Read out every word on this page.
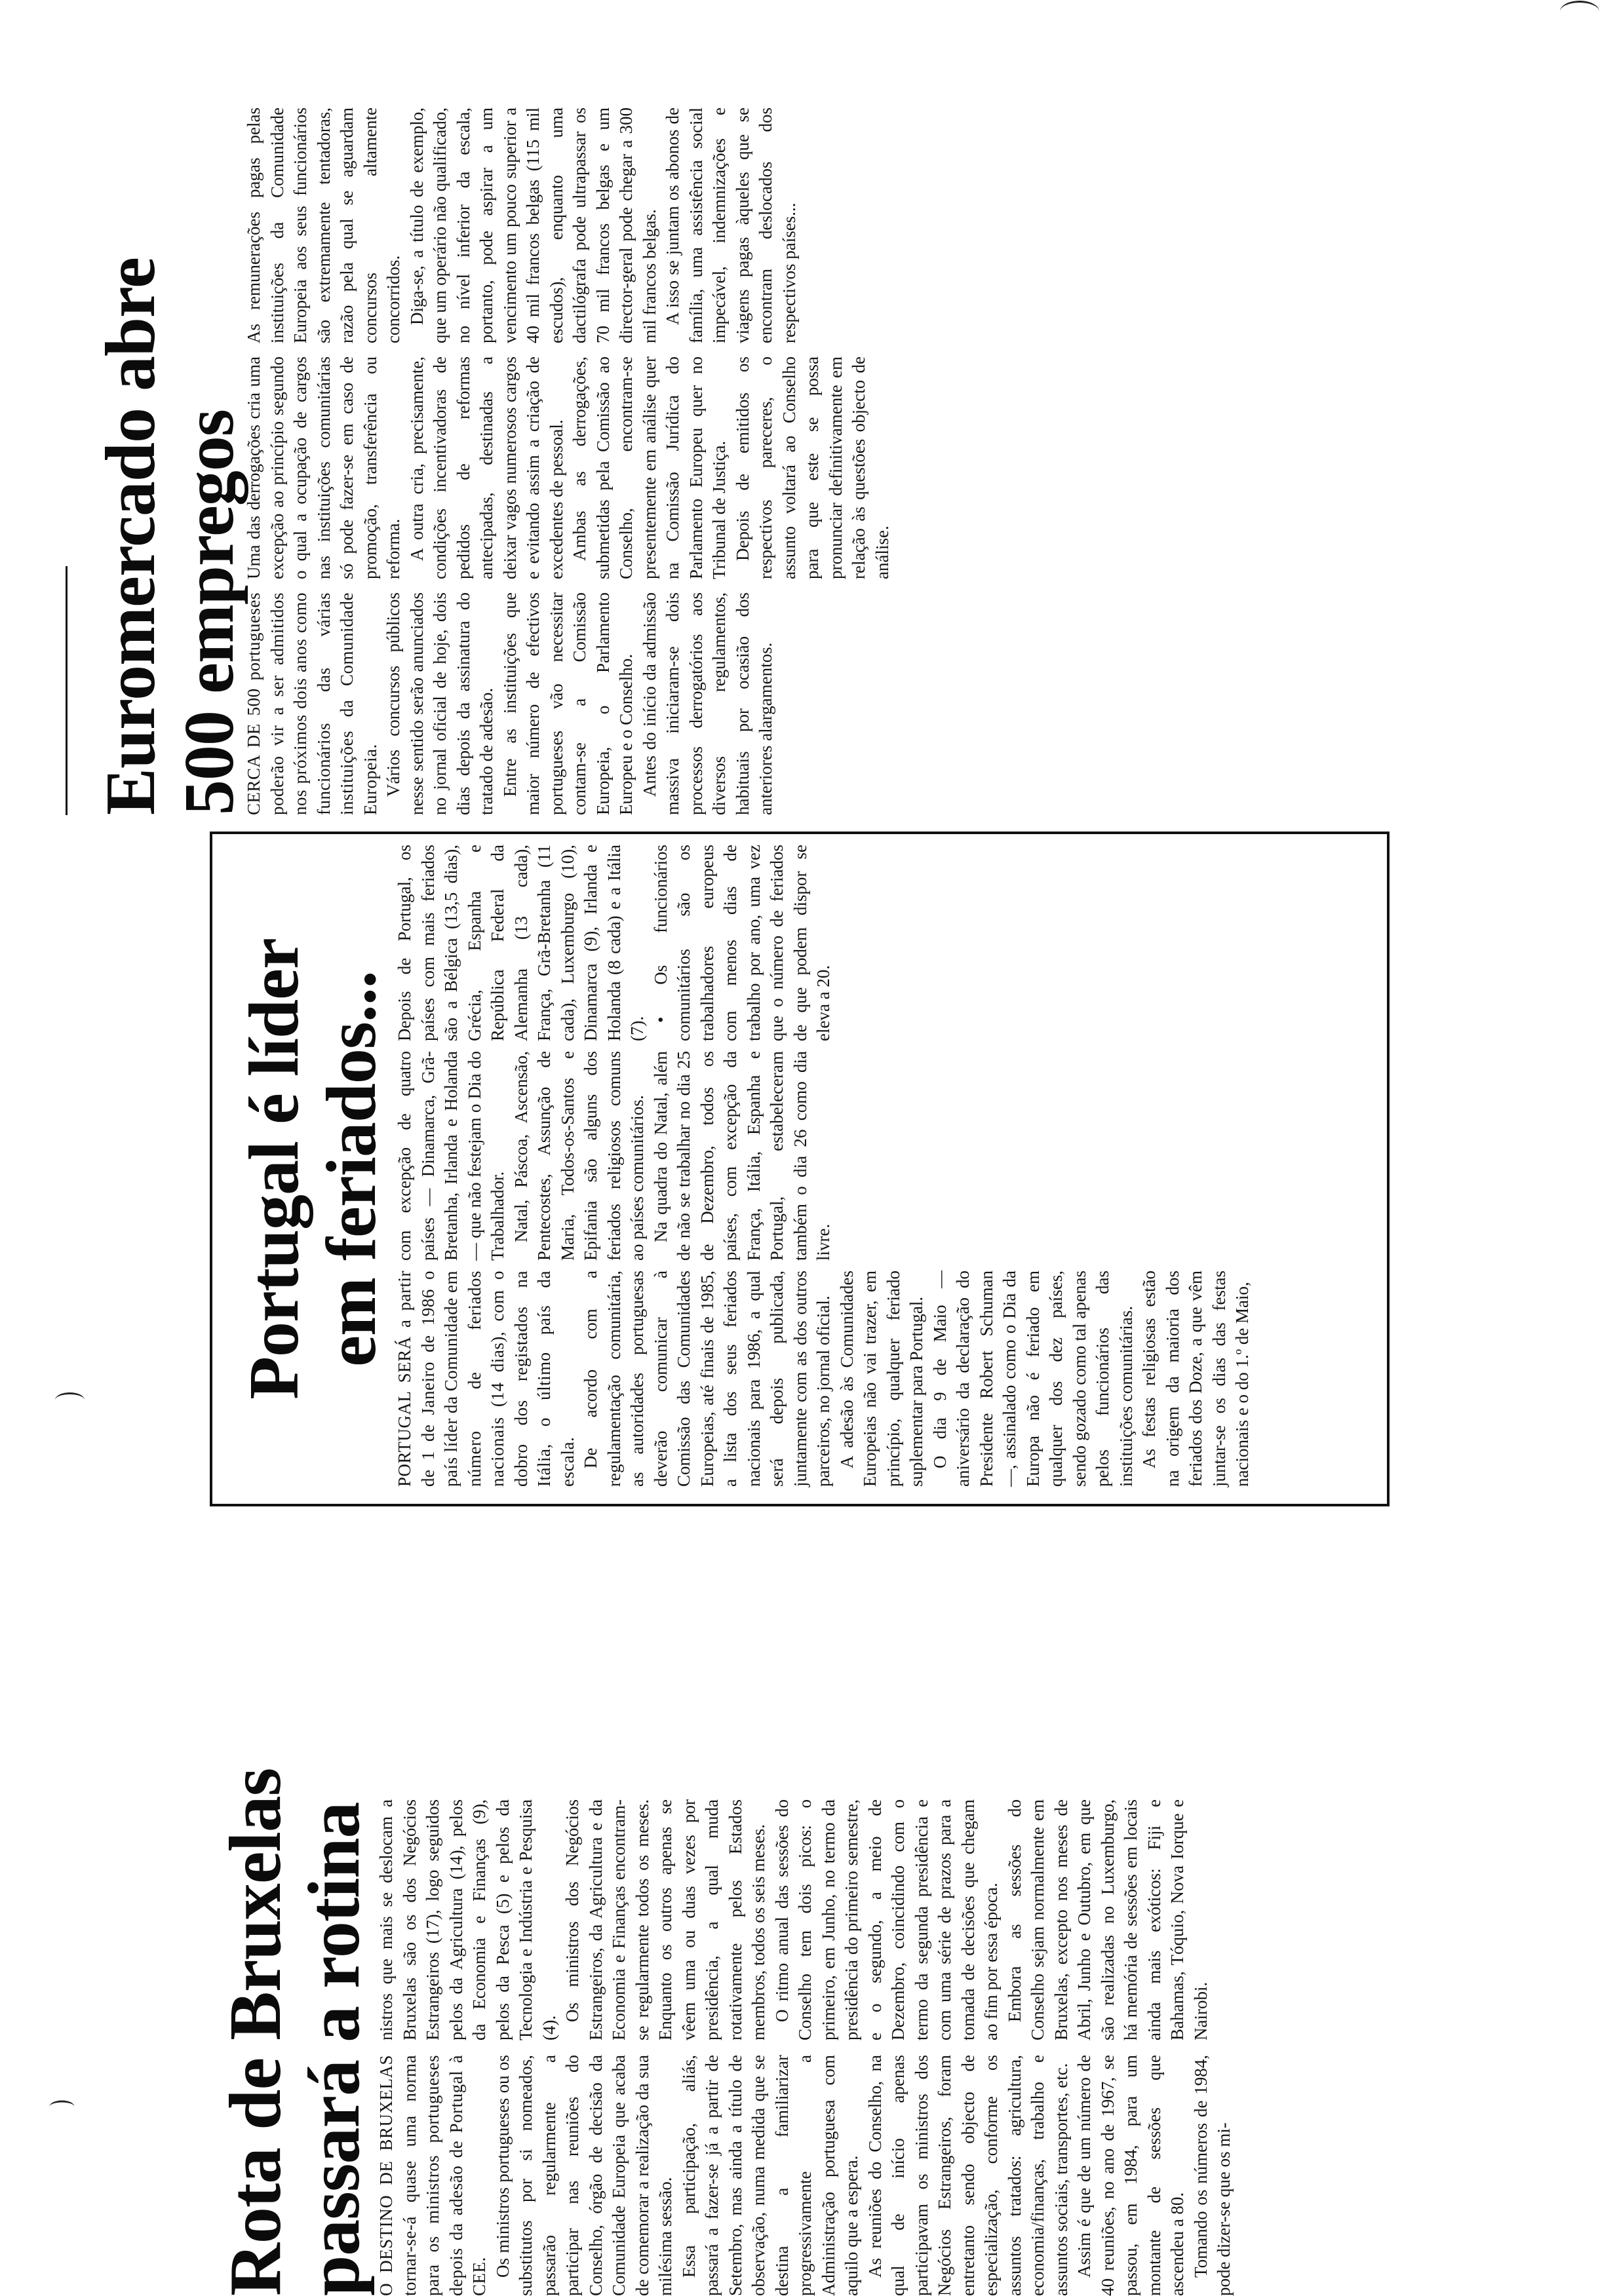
Rota de Bruxelas
passará a rotina O DESTINO DE BRUXELAS tornar-se-á quase uma norma para os ministros portugueses depois da adesão de Portugal à CEE. Os ministros portugueses ou os substitutos por si nomeados, passarão regularmente a participar nas reuniões do Conselho, órgão de decisão da Comunidade Europeia que acaba de comemorar a realização da sua milésima sessão. Essa participação, aliás, passará a fazer-se já a partir de Setembro, mas ainda a título de observação, numa medida que se destina a familiarizar progressivamente a Administração portuguesa com aquilo que a espera. As reuniões do Conselho, na qual de início apenas participavam os ministros dos Negócios Estrangeiros, foram entretanto sendo objecto de especialização, conforme os assuntos tratados: agricultura, economia/finanças, trabalho e assuntos sociais, transportes, etc. Assim é que de um número de 40 reuniões, no ano de 1967, se passou, em 1984, para um montante de sessões que ascendeu a 80. Tomando os números de 1984, pode dizer-se que os mi-

nistros que mais se deslocam a Bruxelas são os dos Negócios Estrangeiros (17), logo seguidos pelos da Agricultura (14), pelos da Economia e Finanças (9), pelos da Pesca (5) e pelos da Tecnologia e Indústria e Pesquisa (4).

Os ministros dos Negócios Estrangeiros, da Agricultura e da Economia e Finanças encontram-se regularmente todos os meses. Enquanto os outros apenas se vêem uma ou duas vezes por presidência, a qual muda rotativamente pelos Estados membros, todos os seis meses. O ritmo anual das sessões do Conselho tem dois picos: o primeiro, em Junho, no termo da presidência do primeiro semestre, e o segundo, a meio de Dezembro, coincidindo com o termo da segunda presidência e com uma série de prazos para a tomada de decisões que chegam ao fim por essa época. Embora as sessões do Conselho sejam normalmente em Bruxelas, excepto nos meses de Abril, Junho e Outubro, em que são realizadas no Luxemburgo, há memória de sessões em locais ainda mais exóticos: Fiji e Bahamas, Tóquio, Nova Iorque e Nairobi.

Portugal é líder em feriados...

PORTUGAL SERÁ a partir de 1 de Janeiro de 1986 o país líder da Comunidade em número de feriados nacionais (14 dias), com o dobro dos registados na Itália, o último país da escala. De acordo com a regulamentação comunitária, as autoridades portuguesas deverão comunicar à Comissão das Comunidades Europeias, até finais de 1985, a lista dos seus feriados nacionais para 1986, a qual será depois publicada, juntamente com as dos outros parceiros, no jornal oficial. A adesão às Comunidades Europeias não vai trazer, em princípio, qualquer feriado suplementar para Portugal. O dia 9 de Maio — aniversário da declaração do Presidente Robert Schuman —, assinalado como o Dia da Europa não é feriado em qualquer dos dez países, sendo gozado como tal apenas pelos funcionários das instituições comunitárias. As festas religiosas estão na origem da maioria dos feriados dos Doze, a que vêm juntar-se os dias das festas nacionais e o do 1.º de Maio,

com excepção de quatro países — Dinamarca, Grã-Bretanha, Irlanda e Holanda — que não festejam o Dia do Trabalhador. Natal, Páscoa, Ascensão, Pentecostes, Assunção de Maria, Todos-os-Santos e Epifania são alguns dos feriados religiosos comuns ao países comunitários. Na quadra do Natal, além de não se trabalhar no dia 25 de Dezembro, todos os países, com excepção da França, Itália, Espanha e Portugal, estabeleceram também o dia 26 como dia livre.

Depois de Portugal, os países com mais feriados são a Bélgica (13,5 dias), Grécia, Espanha e República Federal da Alemanha (13 cada), França, Grã-Bretanha (11 cada), Luxemburgo (10), Dinamarca (9), Irlanda e Holanda (8 cada) e a Itália (7).

• Os funcionários comunitários são os trabalhadores europeus com menos dias de trabalho por ano, uma vez que o número de feriados de que podem dispor se eleva a 20.

Euromercado abre 500 empregos

CERCA DE 500 portugueses poderão vir a ser admitidos nos próximos dois anos como funcionários das várias instituições da Comunidade Europeia. Vários concursos públicos nesse sentido serão anunciados no jornal oficial de hoje, dois dias depois da assinatura do tratado de adesão. Entre as instituições que maior número de efectivos portugueses vão necessitar contam-se a Comissão Europeia, o Parlamento Europeu e o Conselho. Antes do início da admissão massiva iniciaram-se dois processos derrogatórios aos diversos regulamentos, habituais por ocasião dos anteriores alargamentos.

Uma das derrogações cria uma excepção ao princípio segundo o qual a ocupação de cargos nas instituições comunitárias só pode fazer-se em caso de promoção, transferência ou reforma. A outra cria, precisamente, condições incentivadoras de pedidos de reformas antecipadas, destinadas a deixar vagos numerosos cargos e evitando assim a criação de excedentes de pessoal. Ambas as derrogações, submetidas pela Comissão ao Conselho, encontram-se presentemente em análise quer na Comissão Jurídica do Parlamento Europeu quer no Tribunal de Justiça. Depois de emitidos os respectivos pareceres, o assunto voltará ao Conselho para que este se possa pronunciar definitivamente em relação às questões objecto de análise.

As remunerações pagas pelas instituições da Comunidade Europeia aos seus funcionários são extremamente tentadoras, razão pela qual se aguardam concursos altamente concorridos. Diga-se, a título de exemplo, que um operário não qualificado, no nível inferior da escala, portanto, pode aspirar a um vencimento um pouco superior a 40 mil francos belgas (115 mil escudos), enquanto uma dactilógrafa pode ultrapassar os 70 mil francos belgas e um director-geral pode chegar a 300 mil francos belgas. A isso se juntam os abonos de família, uma assistência social impecável, indemnizações e viagens pagas àqueles que se encontram deslocados dos respectivos países...
